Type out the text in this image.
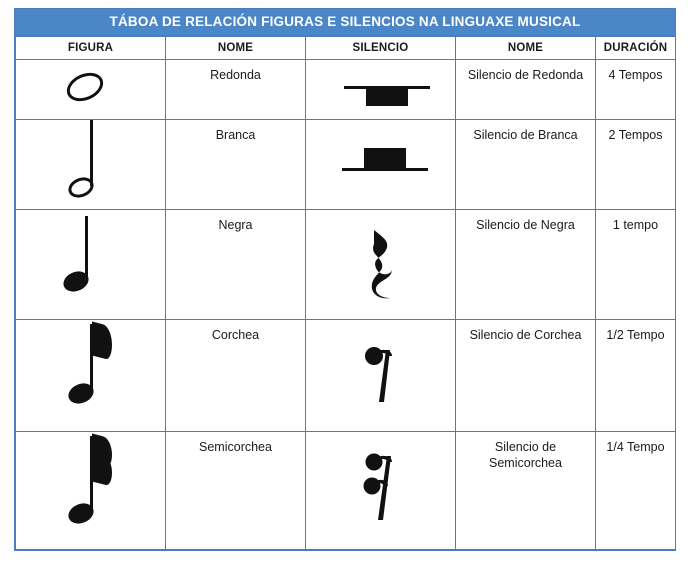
TÁBOA DE RELACIÓN FIGURAS E SILENCIOS NA LINGUAXE MUSICAL
FIGURA	NOME	SILENCIO	NOME	DURACIÓN

	Redonda		Silencio de Redonda	4 Tempos

	Branca		Silencio de Branca	2 Tempos

	Negra		Silencio de Negra	1 tempo

	Corchea		Silencio de Corchea	1/2 Tempo

	Semicorchea		Silencio de Semicorchea	1/4 Tempo
